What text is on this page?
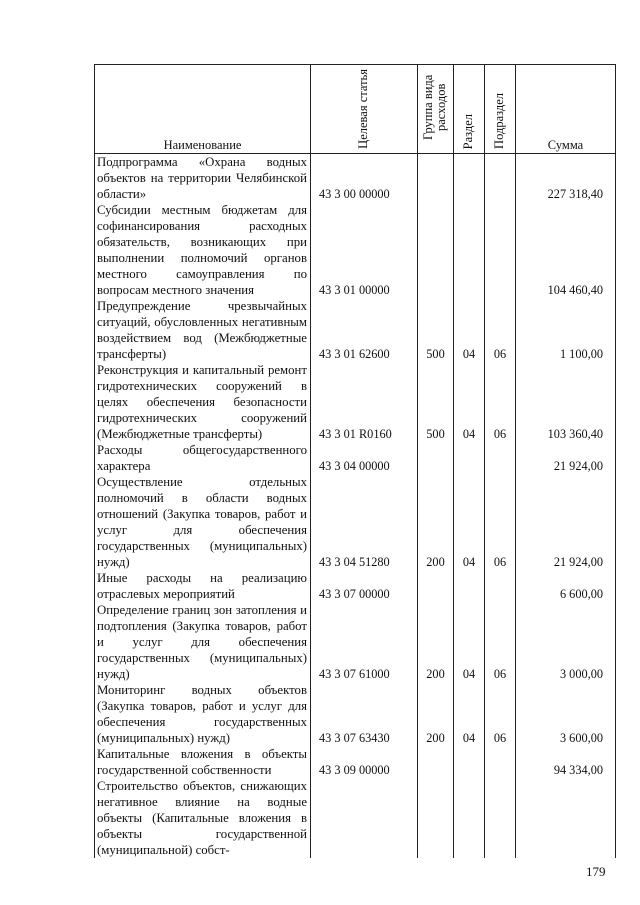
Наименование	Целевая статья	Группа вида расходов	Раздел	Подраздел	Сумма
Подпрограмма «Охрана водных объектов на территории Челябинской области»	43 3 00 00000				227 318,40
Субсидии местным бюджетам для софинансирования расходных обязательств, возникающих при выполнении полномочий органов местного самоуправления по вопросам местного значения	43 3 01 00000				104 460,40
Предупреждение чрезвычайных ситуаций, обусловленных негативным воздействием вод (Межбюджетные трансферты)	43 3 01 62600	500	04	06	1 100,00
Реконструкция и капитальный ремонт гидротехнических сооружений в целях обеспечения безопасности гидротехнических сооружений (Межбюджетные трансферты)	43 3 01 R0160	500	04	06	103 360,40
Расходы общегосударственного характера	43 3 04 00000				21 924,00
Осуществление отдельных полномочий в области водных отношений (Закупка товаров, работ и услуг для обеспечения государственных (муниципальных) нужд)	43 3 04 51280	200	04	06	21 924,00
Иные расходы на реализацию отраслевых мероприятий	43 3 07 00000				6 600,00
Определение границ зон затопления и подтопления (Закупка товаров, работ и услуг для обеспечения государственных (муниципальных) нужд)	43 3 07 61000	200	04	06	3 000,00
Мониторинг водных объектов (Закупка товаров, работ и услуг для обеспечения государственных (муниципальных) нужд)	43 3 07 63430	200	04	06	3 600,00
Капитальные вложения в объекты государственной собственности	43 3 09 00000				94 334,00
Строительство объектов, снижающих негативное влияние на водные объекты (Капитальные вложения в объекты государственной (муниципальной) собст-					
179
